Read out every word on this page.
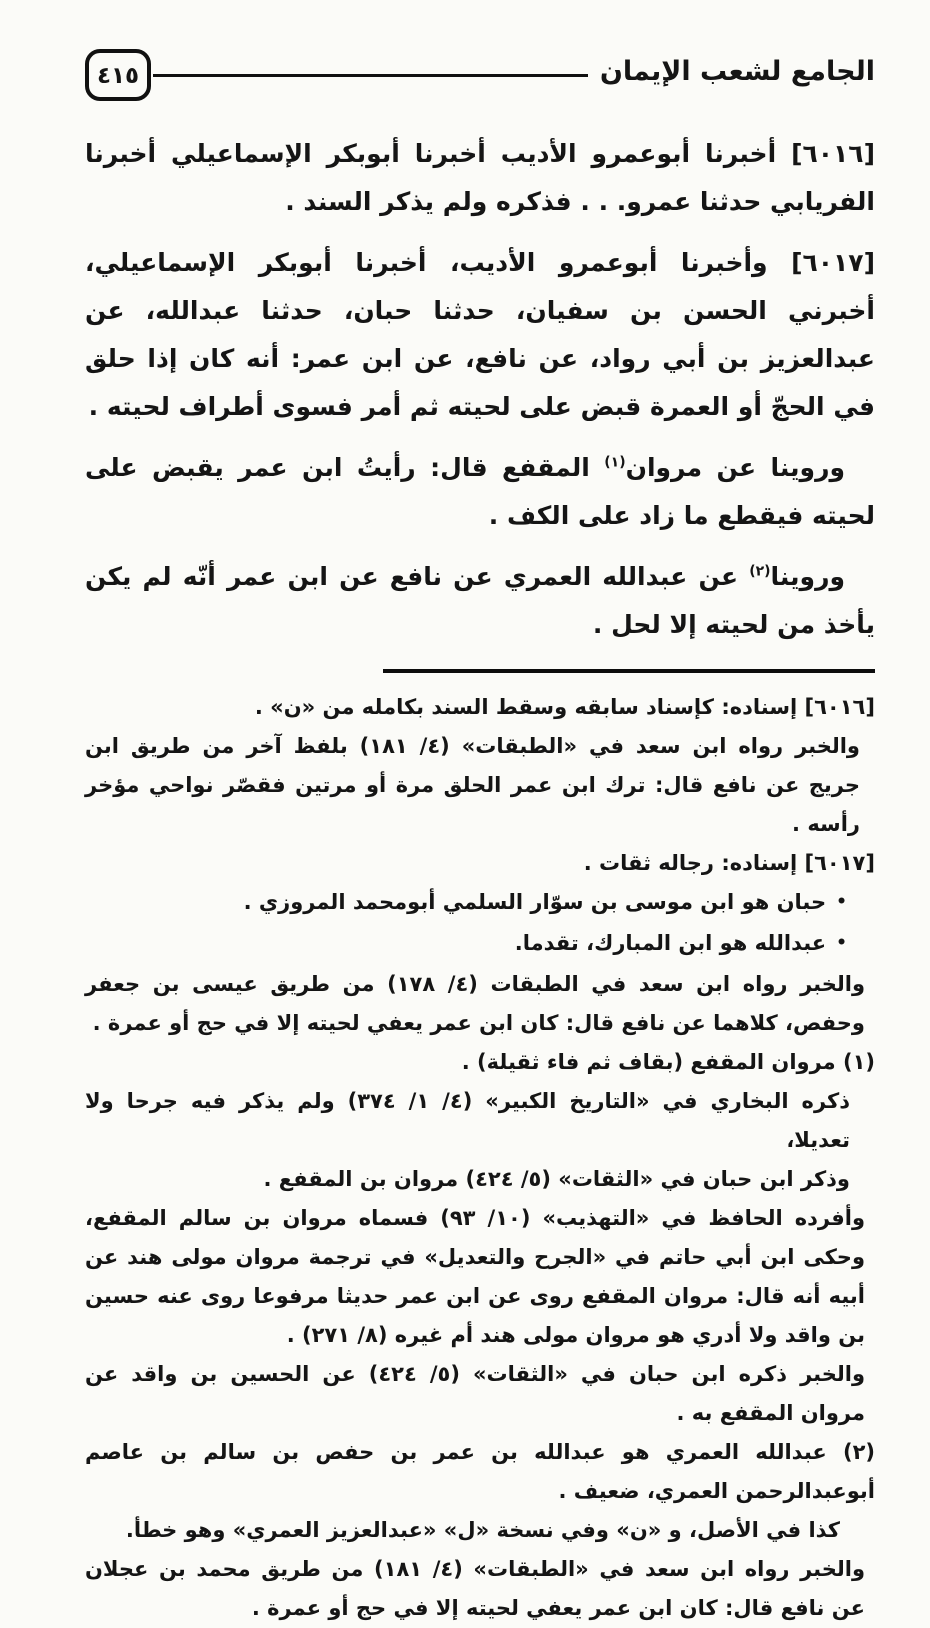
٤١٥	الجامع لشعب الإيمان

[٦٠١٦] أخبرنا أبوعمرو الأديب أخبرنا أبوبكر الإسماعيلي أخبرنا الفريابي حدثنا عمرو. . . فذكره ولم يذكر السند .

[٦٠١٧] وأخبرنا أبوعمرو الأديب، أخبرنا أبوبكر الإسماعيلي، أخبرني الحسن بن سفيان، حدثنا حبان، حدثنا عبدالله، عن عبدالعزيز بن أبي رواد، عن نافع، عن ابن عمر: أنه كان إذا حلق في الحجّ أو العمرة قبض على لحيته ثم أمر فسوى أطراف لحيته .

وروينا عن مروان$^{(١)}$ المقفع قال: رأيتُ ابن عمر يقبض على لحيته فيقطع ما زاد على الكف .

وروينا$^{(٢)}$ عن عبدالله العمري عن نافع عن ابن عمر أنّه لم يكن يأخذ من لحيته إلا لحل .

[٦٠١٦] إسناده: كإسناد سابقه وسقط السند بكامله من «ن» .

والخبر رواه ابن سعد في «الطبقات» (٤/ ١٨١) بلفظ آخر من طريق ابن جريج عن نافع قال: ترك ابن عمر الحلق مرة أو مرتين فقصّر نواحي مؤخر رأسه .

[٦٠١٧] إسناده: رجاله ثقات .

•حبان هو ابن موسى بن سوّار السلمي أبومحمد المروزي .

•عبدالله هو ابن المبارك، تقدما.

والخبر رواه ابن سعد في الطبقات (٤/ ١٧٨) من طريق عيسى بن جعفر وحفص، كلاهما عن نافع قال: كان ابن عمر يعفي لحيته إلا في حج أو عمرة .

(١) مروان المقفع (بقاف ثم فاء ثقيلة) .

ذكره البخاري في «التاريخ الكبير» (٤/ ١/ ٣٧٤) ولم يذكر فيه جرحا ولا تعديلا،

وذكر ابن حبان في «الثقات» (٥/ ٤٢٤) مروان بن المقفع .

وأفرده الحافظ في «التهذيب» (١٠/ ٩٣) فسماه مروان بن سالم المقفع، وحكى ابن أبي حاتم في «الجرح والتعديل» في ترجمة مروان مولى هند عن أبيه أنه قال: مروان المقفع روى عن ابن عمر حديثا مرفوعا روى عنه حسين بن واقد ولا أدري هو مروان مولى هند أم غيره (٨/ ٢٧١) .

والخبر ذكره ابن حبان في «الثقات» (٥/ ٤٢٤) عن الحسين بن واقد عن مروان المقفع به .

(٢) عبدالله العمري هو عبدالله بن عمر بن حفص بن سالم بن عاصم أبوعبدالرحمن العمري، ضعيف .

كذا في الأصل، و «ن» وفي نسخة «ل» «عبدالعزيز العمري» وهو خطأ.

والخبر رواه ابن سعد في «الطبقات» (٤/ ١٨١) من طريق محمد بن عجلان عن نافع قال: كان ابن عمر يعفي لحيته إلا في حج أو عمرة .
